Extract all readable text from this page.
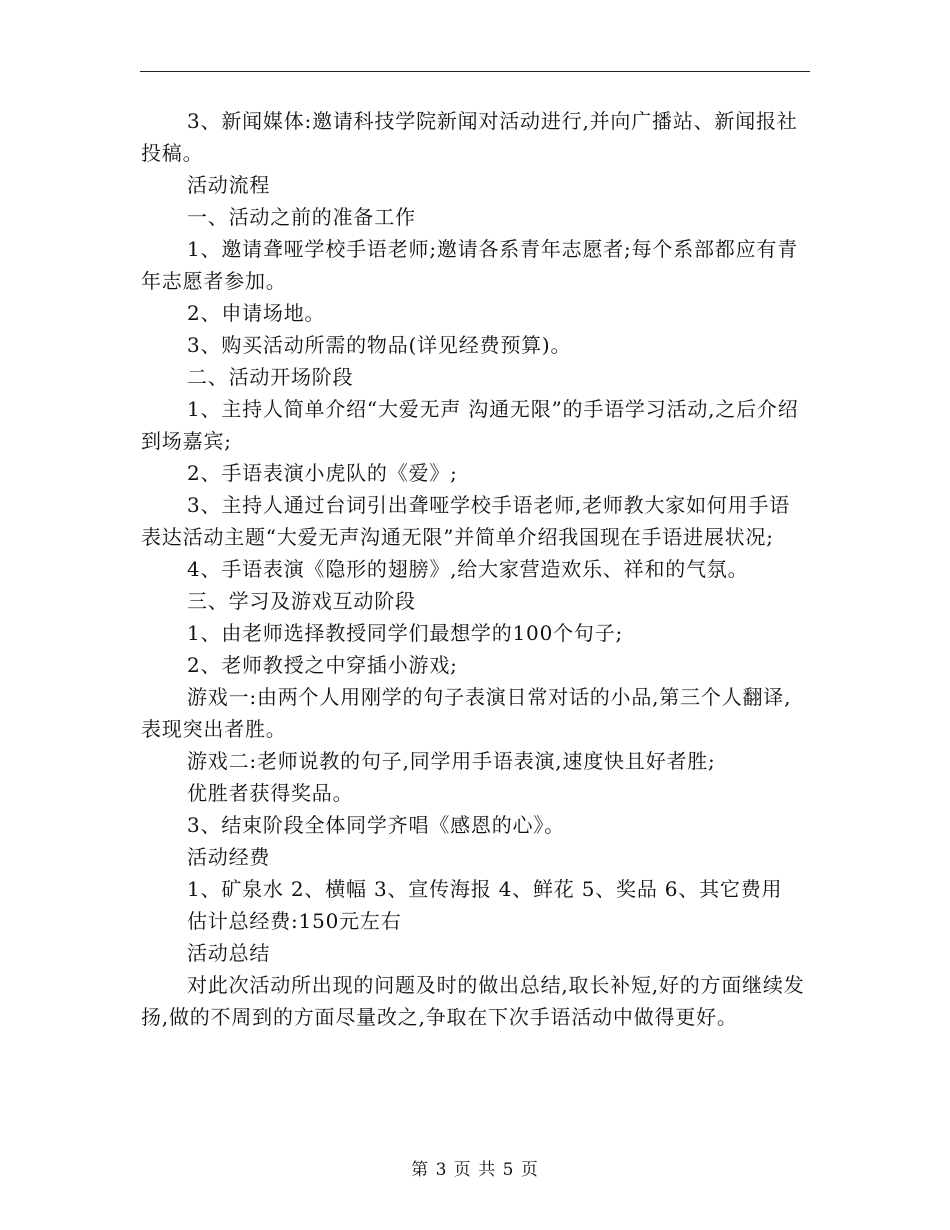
3、新闻媒体:邀请科技学院新闻对活动进行,并向广播站、新闻报社投稿。

活动流程

一、活动之前的准备工作

1、邀请聋哑学校手语老师;邀请各系青年志愿者;每个系部都应有青年志愿者参加。

2、申请场地。

3、购买活动所需的物品(详见经费预算)。

二、活动开场阶段

1、主持人简单介绍“大爱无声 沟通无限”的手语学习活动,之后介绍到场嘉宾;

2、手语表演小虎队的《爱》;

3、主持人通过台词引出聋哑学校手语老师,老师教大家如何用手语表达活动主题“大爱无声沟通无限”并简单介绍我国现在手语进展状况;

4、手语表演《隐形的翅膀》,给大家营造欢乐、祥和的气氛。

三、学习及游戏互动阶段

1、由老师选择教授同学们最想学的100个句子;

2、老师教授之中穿插小游戏;

游戏一:由两个人用刚学的句子表演日常对话的小品,第三个人翻译,表现突出者胜。

游戏二:老师说教的句子,同学用手语表演,速度快且好者胜;

优胜者获得奖品。

3、结束阶段全体同学齐唱《感恩的心》。

活动经费

1、矿泉水 2、横幅 3、宣传海报 4、鲜花 5、奖品 6、其它费用

估计总经费:150元左右

活动总结

对此次活动所出现的问题及时的做出总结,取长补短,好的方面继续发扬,做的不周到的方面尽量改之,争取在下次手语活动中做得更好。

第 3 页 共 5 页
